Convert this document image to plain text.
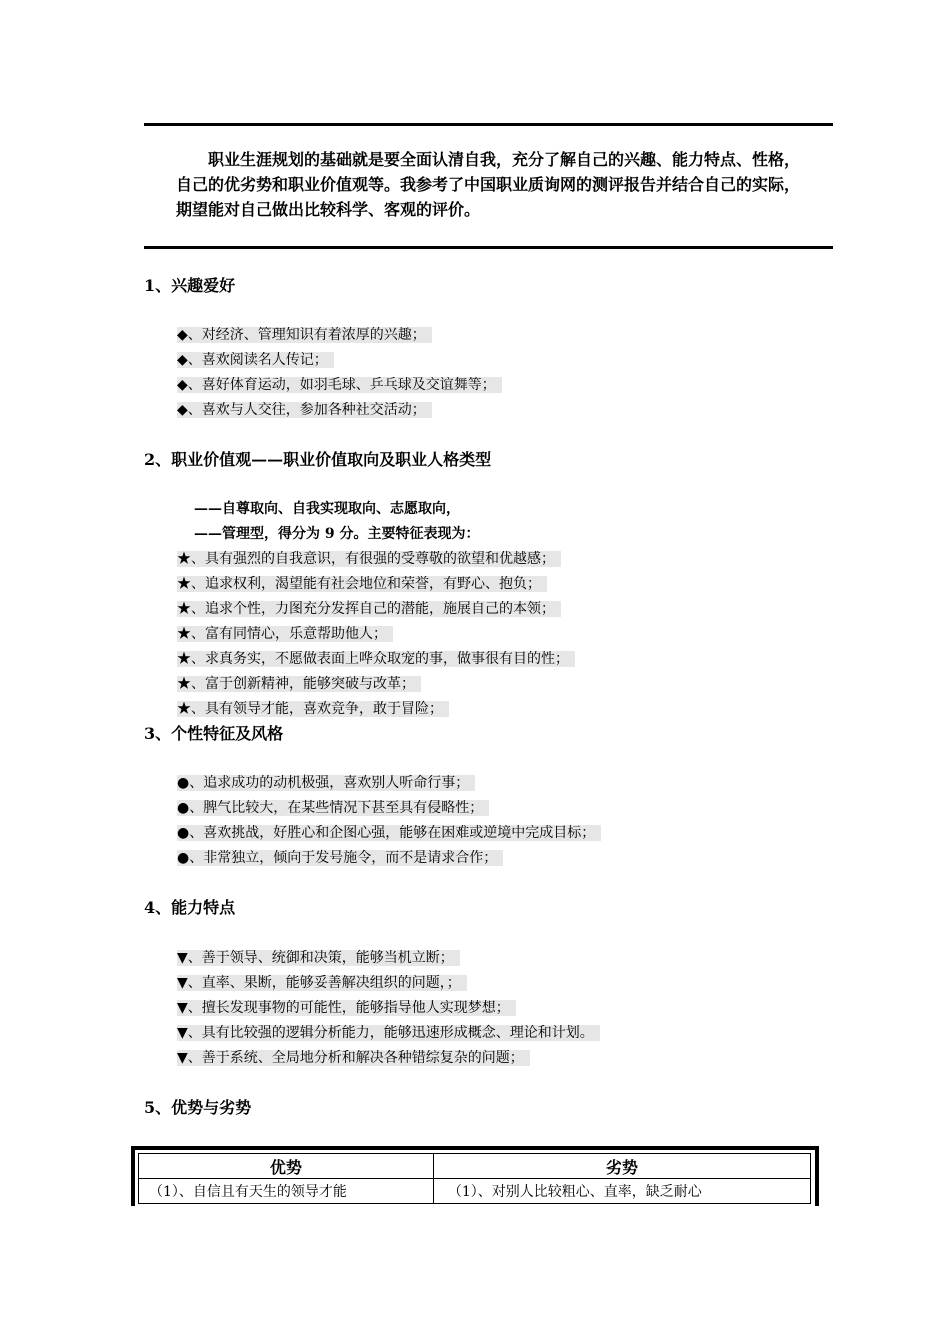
职业生涯规划的基础就是要全面认清自我，充分了解自己的兴趣、能力特点、性格，自己的优劣势和职业价值观等。我参考了中国职业质询网的测评报告并结合自己的实际，期望能对自己做出比较科学、客观的评价。

1、兴趣爱好
◆、对经济、管理知识有着浓厚的兴趣；
◆、喜欢阅读名人传记；
◆、喜好体育运动，如羽毛球、乒乓球及交谊舞等；
◆、喜欢与人交往，参加各种社交活动；
2、职业价值观——职业价值取向及职业人格类型
——自尊取向、自我实现取向、志愿取向，
——管理型，得分为 9 分。主要特征表现为：
★、具有强烈的自我意识，有很强的受尊敬的欲望和优越感；
★、追求权利，渴望能有社会地位和荣誉，有野心、抱负；
★、追求个性，力图充分发挥自己的潜能，施展自己的本领；
★、富有同情心，乐意帮助他人；
★、求真务实，不愿做表面上哗众取宠的事，做事很有目的性；
★、富于创新精神，能够突破与改革；
★、具有领导才能，喜欢竞争，敢于冒险；
3、个性特征及风格
●、追求成功的动机极强，喜欢别人听命行事；
●、脾气比较大，在某些情况下甚至具有侵略性；
●、喜欢挑战，好胜心和企图心强，能够在困难或逆境中完成目标；
●、非常独立，倾向于发号施令，而不是请求合作；
4、能力特点
▼、善于领导、统御和决策，能够当机立断；
▼、直率、果断，能够妥善解决组织的问题，；
▼、擅长发现事物的可能性，能够指导他人实现梦想；
▼、具有比较强的逻辑分析能力，能够迅速形成概念、理论和计划。
▼、善于系统、全局地分析和解决各种错综复杂的问题；
5、优势与劣势
优势	劣势
（1）、自信且有天生的领导才能	（1）、对别人比较粗心、直率，缺乏耐心
